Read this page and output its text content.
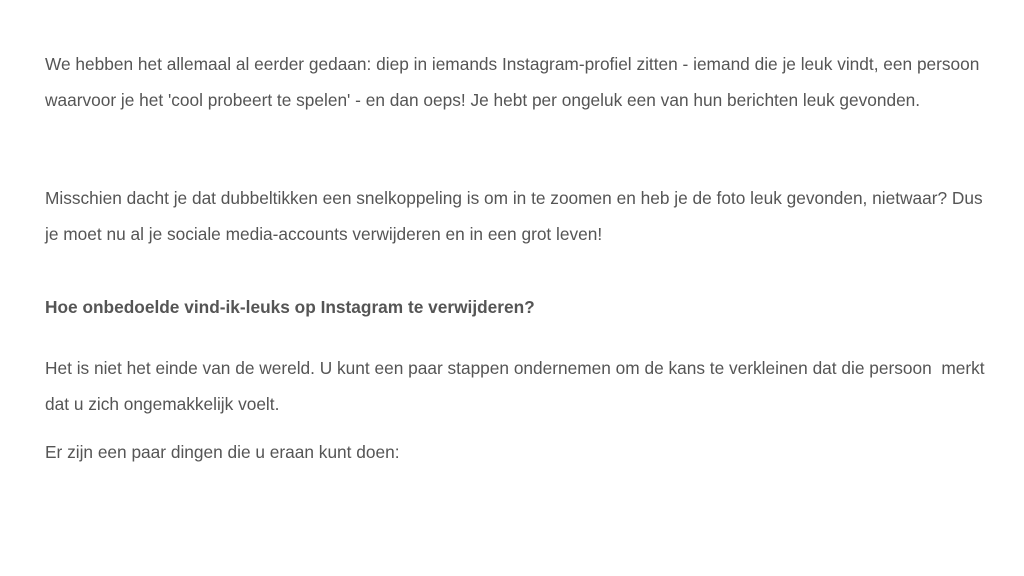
We hebben het allemaal al eerder gedaan: diep in iemands Instagram-profiel zitten - iemand die je leuk vindt, een persoon waarvoor je het 'cool probeert te spelen' - en dan oeps! Je hebt per ongeluk een van hun berichten leuk gevonden.

Misschien dacht je dat dubbeltikken een snelkoppeling is om in te zoomen en heb je de foto leuk gevonden, nietwaar? Dus je moet nu al je sociale media-accounts verwijderen en in een grot leven!

Hoe onbedoelde vind-ik-leuks op Instagram te verwijderen?

Het is niet het einde van de wereld. U kunt een paar stappen ondernemen om de kans te verkleinen dat die persoon  merkt dat u zich ongemakkelijk voelt.

Er zijn een paar dingen die u eraan kunt doen:
